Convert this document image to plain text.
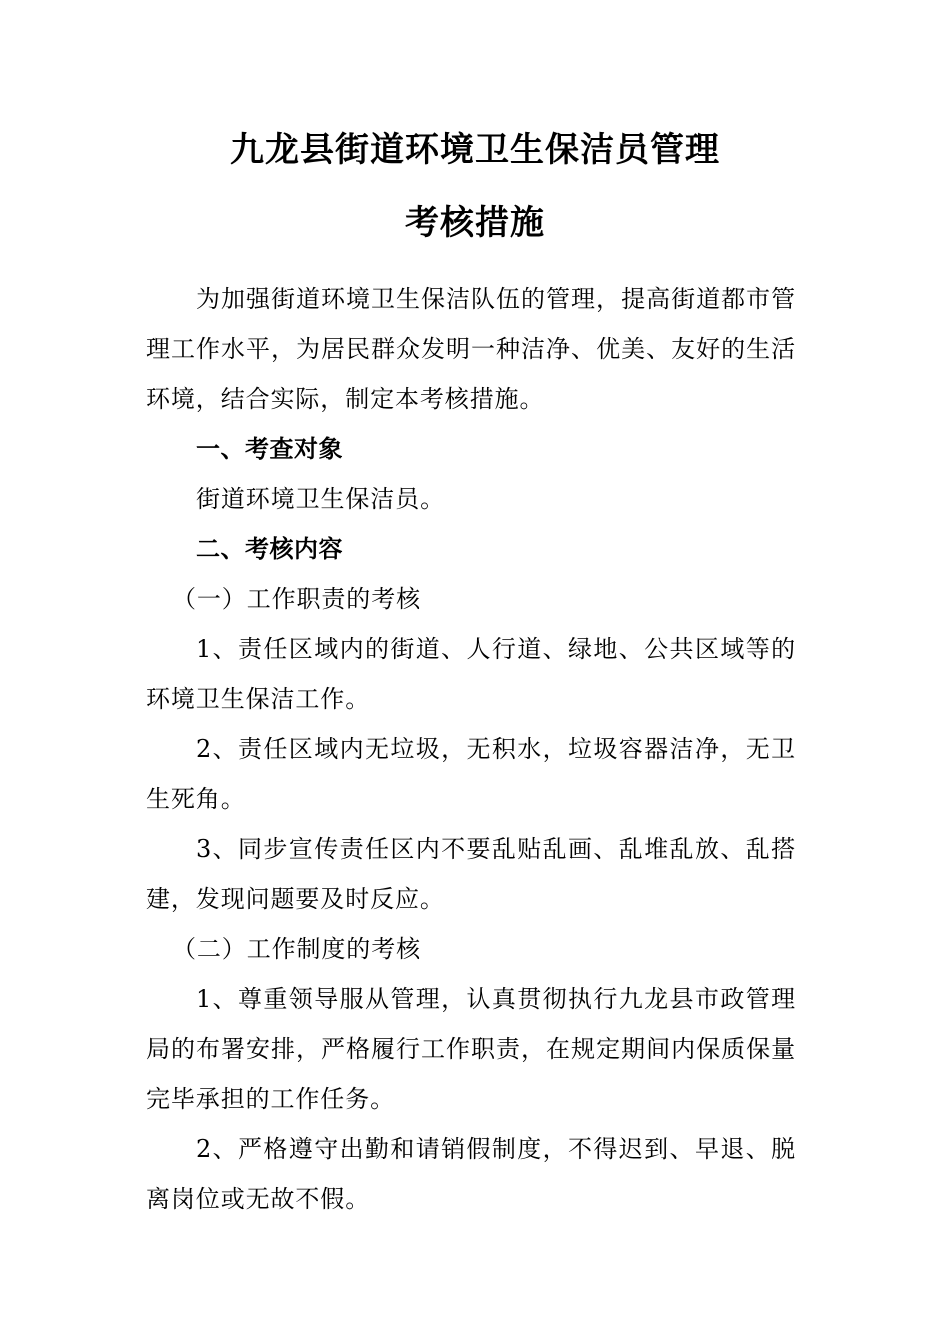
九龙县街道环境卫生保洁员管理
考核措施

为加强街道环境卫生保洁队伍的管理，提高街道都市管理工作水平，为居民群众发明一种洁净、优美、友好的生活环境，结合实际，制定本考核措施。

一、考查对象

街道环境卫生保洁员。

二、考核内容

（一）工作职责的考核

1、责任区域内的街道、人行道、绿地、公共区域等的环境卫生保洁工作。

2、责任区域内无垃圾，无积水，垃圾容器洁净，无卫生死角。

3、同步宣传责任区内不要乱贴乱画、乱堆乱放、乱搭建，发现问题要及时反应。

（二）工作制度的考核

1、尊重领导服从管理，认真贯彻执行九龙县市政管理局的布署安排，严格履行工作职责，在规定期间内保质保量完毕承担的工作任务。

2、严格遵守出勤和请销假制度，不得迟到、早退、脱离岗位或无故不假。
